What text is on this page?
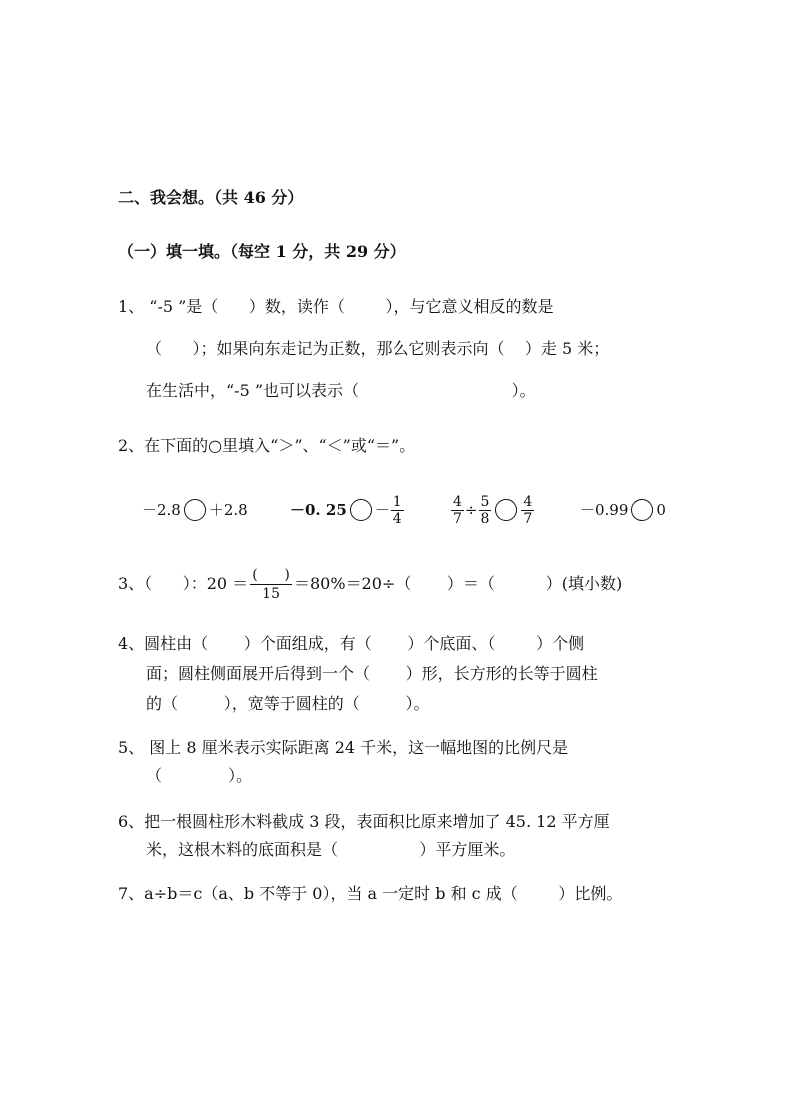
二、我会想。（共 46 分）
（一）填一填。（每空 1 分，共 29 分）
1、 “-5 ”是（      ）数，读作（        ），与它意义相反的数是
（      ）；如果向东走记为正数，那么它则表示向（    ）走 5 米；
在生活中，“-5 ”也可以表示（                              ）。
2、在下面的○里填入“＞”、“＜”或“＝”。
－2.8 ＋2.8	－0. $25 - \frac{1}{4}$	$\frac{4}{7} \div \frac{5}{8} \frac{4}{7}$	－0.99 0
3、（      ）：$20 = \frac{( )}{15} =80\%=20\div$（       ）＝（          ）(填小数)
4、圆柱由（       ）个面组成，有（       ）个底面、（        ）个侧
面；圆柱侧面展开后得到一个（       ）形，长方形的长等于圆柱
的（         ），宽等于圆柱的（         ）。
5、 图上 8 厘米表示实际距离 24 千米，这一幅地图的比例尺是
（             ）。
6、把一根圆柱形木料截成 3 段，表面积比原来增加了 45. 12 平方厘
米，这根木料的底面积是（                ）平方厘米。
7、a÷b＝c（a、b 不等于 0），当 a 一定时 b 和 c 成（        ）比例。
